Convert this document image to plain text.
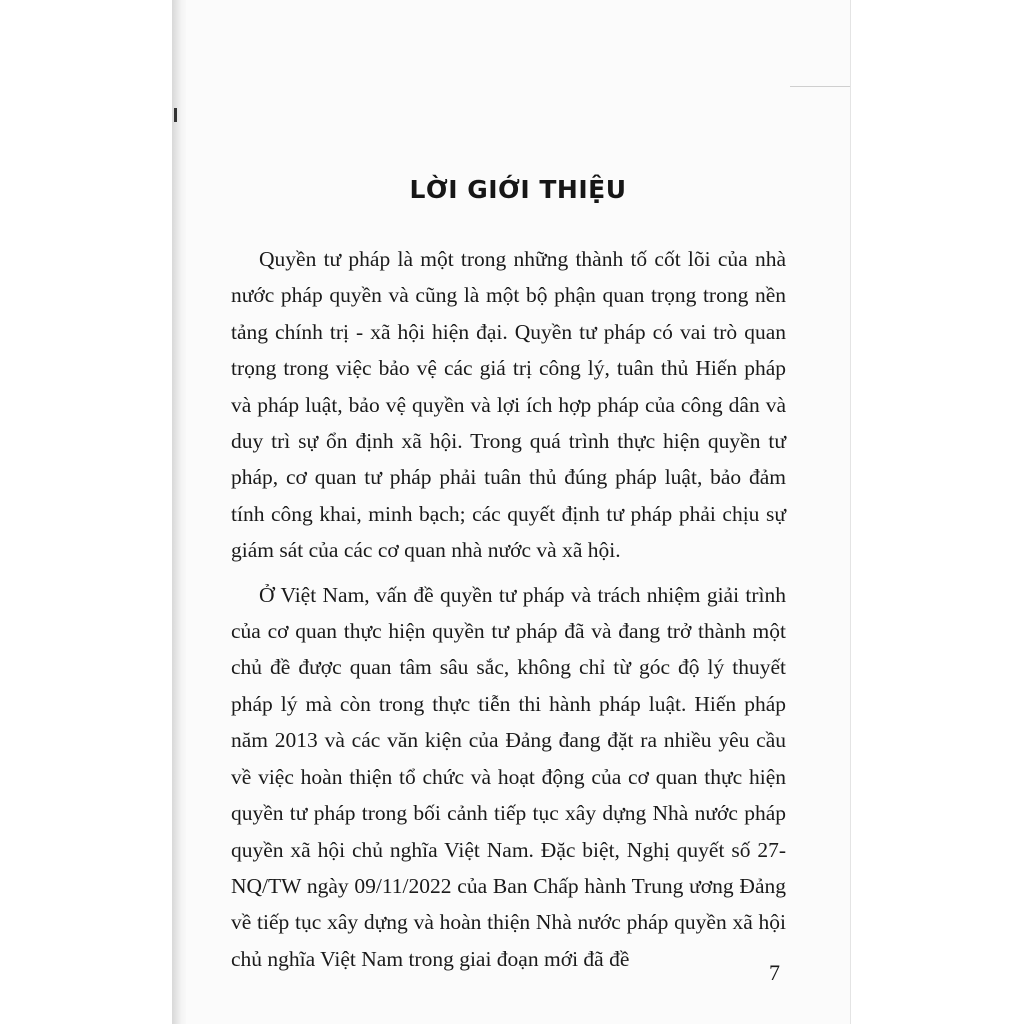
LỜI GIỚI THIỆU

Quyền tư pháp là một trong những thành tố cốt lõi của nhà nước pháp quyền và cũng là một bộ phận quan trọng trong nền tảng chính trị - xã hội hiện đại. Quyền tư pháp có vai trò quan trọng trong việc bảo vệ các giá trị công lý, tuân thủ Hiến pháp và pháp luật, bảo vệ quyền và lợi ích hợp pháp của công dân và duy trì sự ổn định xã hội. Trong quá trình thực hiện quyền tư pháp, cơ quan tư pháp phải tuân thủ đúng pháp luật, bảo đảm tính công khai, minh bạch; các quyết định tư pháp phải chịu sự giám sát của các cơ quan nhà nước và xã hội.

Ở Việt Nam, vấn đề quyền tư pháp và trách nhiệm giải trình của cơ quan thực hiện quyền tư pháp đã và đang trở thành một chủ đề được quan tâm sâu sắc, không chỉ từ góc độ lý thuyết pháp lý mà còn trong thực tiễn thi hành pháp luật. Hiến pháp năm 2013 và các văn kiện của Đảng đang đặt ra nhiều yêu cầu về việc hoàn thiện tổ chức và hoạt động của cơ quan thực hiện quyền tư pháp trong bối cảnh tiếp tục xây dựng Nhà nước pháp quyền xã hội chủ nghĩa Việt Nam. Đặc biệt, Nghị quyết số 27-NQ/TW ngày 09/11/2022 của Ban Chấp hành Trung ương Đảng về tiếp tục xây dựng và hoàn thiện Nhà nước pháp quyền xã hội chủ nghĩa Việt Nam trong giai đoạn mới đã đề

7
